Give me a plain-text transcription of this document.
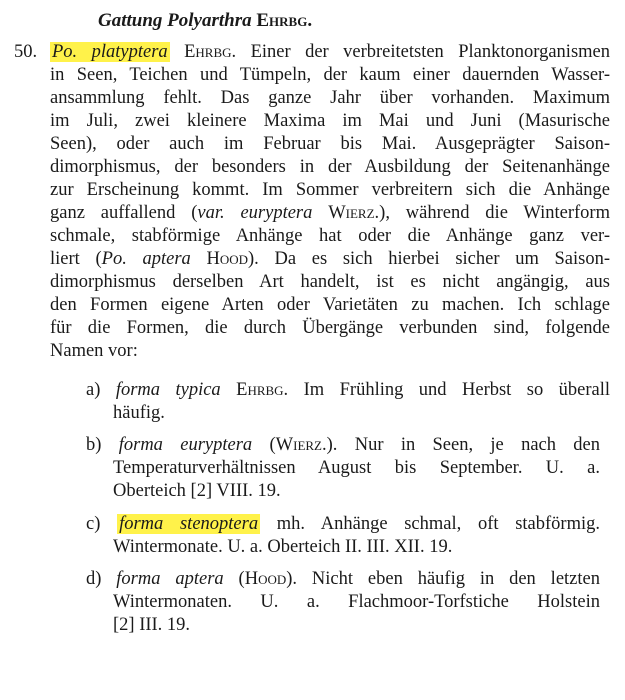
Gattung Polyarthra Ehrbg.
50. Po. platyptera Ehrbg. Einer der verbreitetsten Planktonorganismen
in Seen, Teichen und Tümpeln, der kaum einer dauernden Wasser-
ansammlung fehlt. Das ganze Jahr über vorhanden. Maximum
im Juli, zwei kleinere Maxima im Mai und Juni (Masurische
Seen), oder auch im Februar bis Mai. Ausgeprägter Saison-
dimorphismus, der besonders in der Ausbildung der Seitenanhänge
zur Erscheinung kommt. Im Sommer verbreitern sich die Anhänge
ganz auffallend (var. euryptera Wierz.), während die Winterform
schmale, stabförmige Anhänge hat oder die Anhänge ganz ver-
liert (Po. aptera Hood). Da es sich hierbei sicher um Saison-
dimorphismus derselben Art handelt, ist es nicht angängig, aus
den Formen eigene Arten oder Varietäten zu machen. Ich schlage
für die Formen, die durch Übergänge verbunden sind, folgende
Namen vor:
a) forma typica Ehrbg. Im Frühling und Herbst so überall
häufig.
b) forma euryptera (Wierz.). Nur in Seen, je nach den
Temperaturverhältnissen August bis September. U. a.
Oberteich [2] VIII. 19.
c) forma stenoptera mh. Anhänge schmal, oft stabförmig.
Wintermonate. U. a. Oberteich II. III. XII. 19.
d) forma aptera (Hood). Nicht eben häufig in den letzten
Wintermonaten. U. a. Flachmoor-Torfstiche Holstein
[2] III. 19.
